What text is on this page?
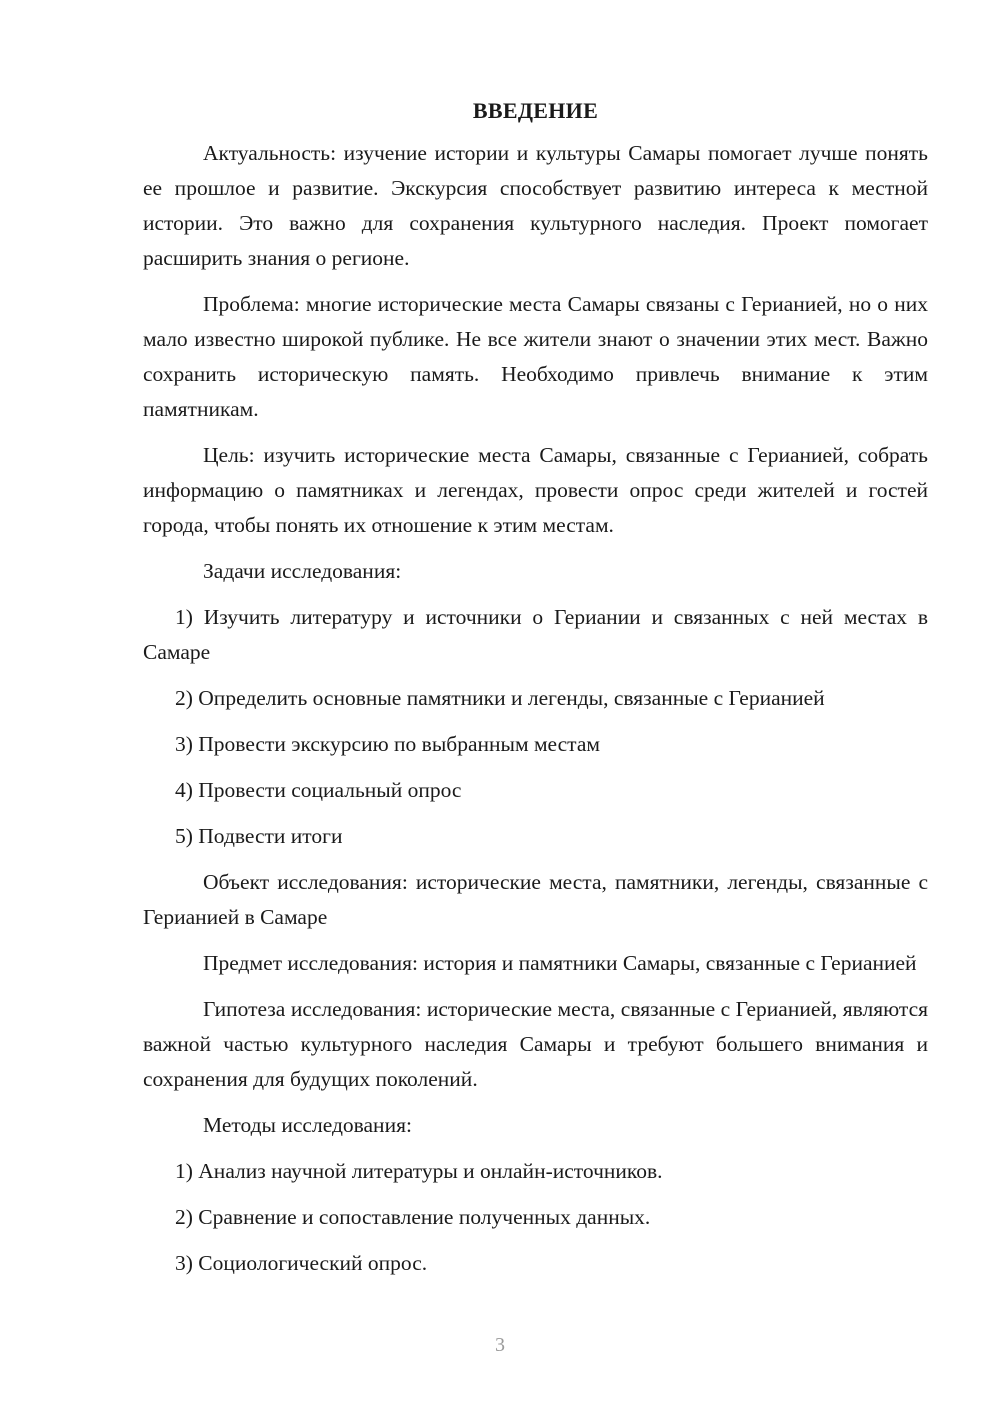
ВВЕДЕНИЕ

Актуальность: изучение истории и культуры Самары помогает лучше понять ее прошлое и развитие. Экскурсия способствует развитию интереса к местной истории. Это важно для сохранения культурного наследия. Проект помогает расширить знания о регионе.

Проблема: многие исторические места Самары связаны с Герианией, но о них мало известно широкой публике. Не все жители знают о значении этих мест. Важно сохранить историческую память. Необходимо привлечь внимание к этим памятникам.

Цель: изучить исторические места Самары, связанные с Герианией, собрать информацию о памятниках и легендах, провести опрос среди жителей и гостей города, чтобы понять их отношение к этим местам.

Задачи исследования:

1) Изучить литературу и источники о Гериании и связанных с ней местах в Самаре

2) Определить основные памятники и легенды, связанные с Герианией

3) Провести экскурсию по выбранным местам

4) Провести социальный опрос

5) Подвести итоги

Объект исследования: исторические места, памятники, легенды, связанные с Герианией в Самаре

Предмет исследования: история и памятники Самары, связанные с Герианией

Гипотеза исследования: исторические места, связанные с Герианией, являются важной частью культурного наследия Самары и требуют большего внимания и сохранения для будущих поколений.

Методы исследования:

1) Анализ научной литературы и онлайн-источников.

2) Сравнение и сопоставление полученных данных.

3) Социологический опрос.

3
